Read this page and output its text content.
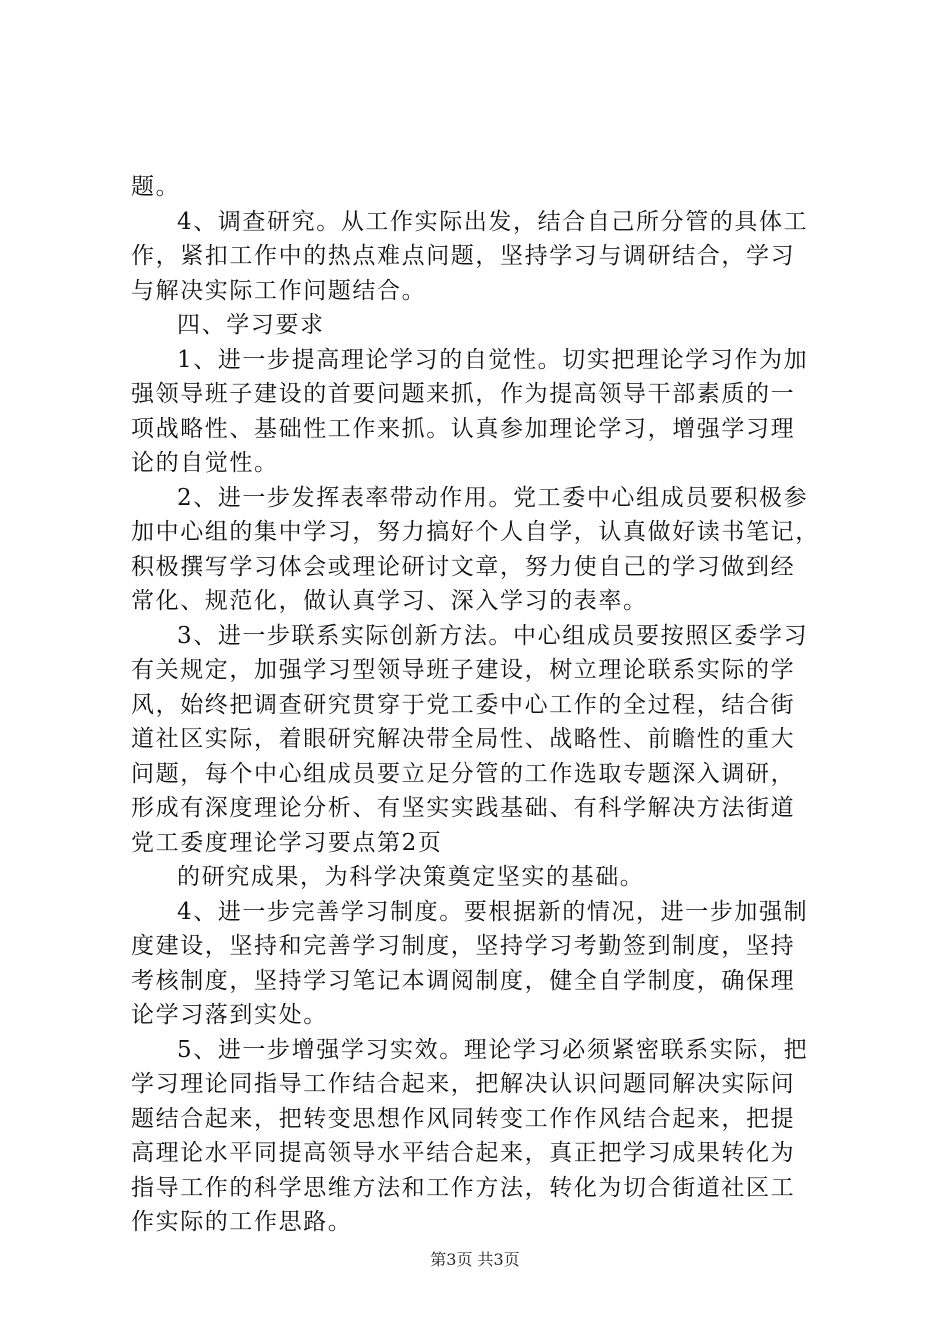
题。
4、调查研究。从工作实际出发，结合自己所分管的具体工
作，紧扣工作中的热点难点问题，坚持学习与调研结合，学习
与解决实际工作问题结合。
四、学习要求
1、进一步提高理论学习的自觉性。切实把理论学习作为加
强领导班子建设的首要问题来抓，作为提高领导干部素质的一
项战略性、基础性工作来抓。认真参加理论学习，增强学习理
论的自觉性。
2、进一步发挥表率带动作用。党工委中心组成员要积极参
加中心组的集中学习，努力搞好个人自学，认真做好读书笔记，
积极撰写学习体会或理论研讨文章，努力使自己的学习做到经
常化、规范化，做认真学习、深入学习的表率。
3、进一步联系实际创新方法。中心组成员要按照区委学习
有关规定，加强学习型领导班子建设，树立理论联系实际的学
风，始终把调查研究贯穿于党工委中心工作的全过程，结合街
道社区实际，着眼研究解决带全局性、战略性、前瞻性的重大
问题，每个中心组成员要立足分管的工作选取专题深入调研，
形成有深度理论分析、有坚实实践基础、有科学解决方法街道
党工委度理论学习要点第2页
的研究成果，为科学决策奠定坚实的基础。
4、进一步完善学习制度。要根据新的情况，进一步加强制
度建设，坚持和完善学习制度，坚持学习考勤签到制度，坚持
考核制度，坚持学习笔记本调阅制度，健全自学制度，确保理
论学习落到实处。
5、进一步增强学习实效。理论学习必须紧密联系实际，把
学习理论同指导工作结合起来，把解决认识问题同解决实际问
题结合起来，把转变思想作风同转变工作作风结合起来，把提
高理论水平同提高领导水平结合起来，真正把学习成果转化为
指导工作的科学思维方法和工作方法，转化为切合街道社区工
作实际的工作思路。
第3页 共3页
